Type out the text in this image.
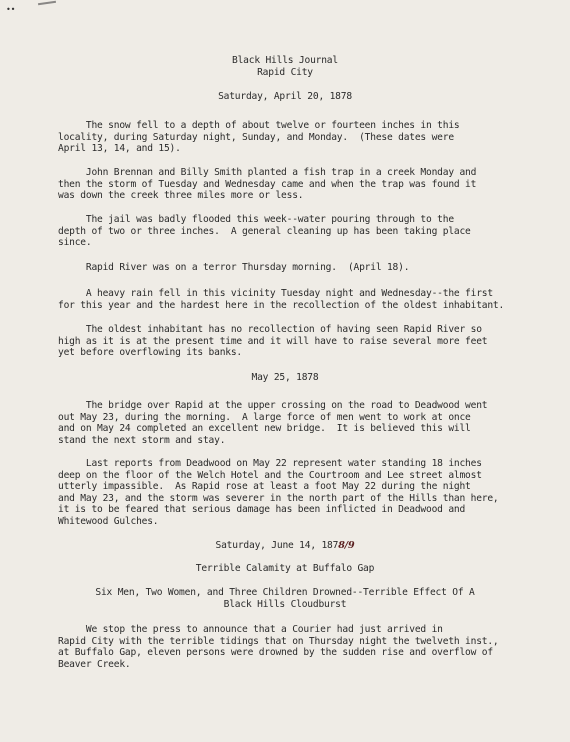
••
Black Hills Journal
Rapid City
Saturday, April 20, 1878
The snow fell to a depth of about twelve or fourteen inches in this
locality, during Saturday night, Sunday, and Monday.  (These dates were
April 13, 14, and 15).
John Brennan and Billy Smith planted a fish trap in a creek Monday and
then the storm of Tuesday and Wednesday came and when the trap was found it
was down the creek three miles more or less.
The jail was badly flooded this week--water pouring through to the
depth of two or three inches.  A general cleaning up has been taking place
since.
Rapid River was on a terror Thursday morning.  (April 18).
A heavy rain fell in this vicinity Tuesday night and Wednesday--the first
for this year and the hardest here in the recollection of the oldest inhabitant.
The oldest inhabitant has no recollection of having seen Rapid River so
high as it is at the present time and it will have to raise several more feet
yet before overflowing its banks.
May 25, 1878
The bridge over Rapid at the upper crossing on the road to Deadwood went
out May 23, during the morning.  A large force of men went to work at once
and on May 24 completed an excellent new bridge.  It is believed this will
stand the next storm and stay.
Last reports from Deadwood on May 22 represent water standing 18 inches
deep on the floor of the Welch Hotel and the Courtroom and Lee street almost
utterly impassible.  As Rapid rose at least a foot May 22 during the night
and May 23, and the storm was severer in the north part of the Hills than here,
it is to be feared that serious damage has been inflicted in Deadwood and
Whitewood Gulches.
Saturday, June 14, 1878/9
Terrible Calamity at Buffalo Gap
Six Men, Two Women, and Three Children Drowned--Terrible Effect Of A
Black Hills Cloudburst
We stop the press to announce that a Courier had just arrived in
Rapid City with the terrible tidings that on Thursday night the twelveth inst.,
at Buffalo Gap, eleven persons were drowned by the sudden rise and overflow of
Beaver Creek.
